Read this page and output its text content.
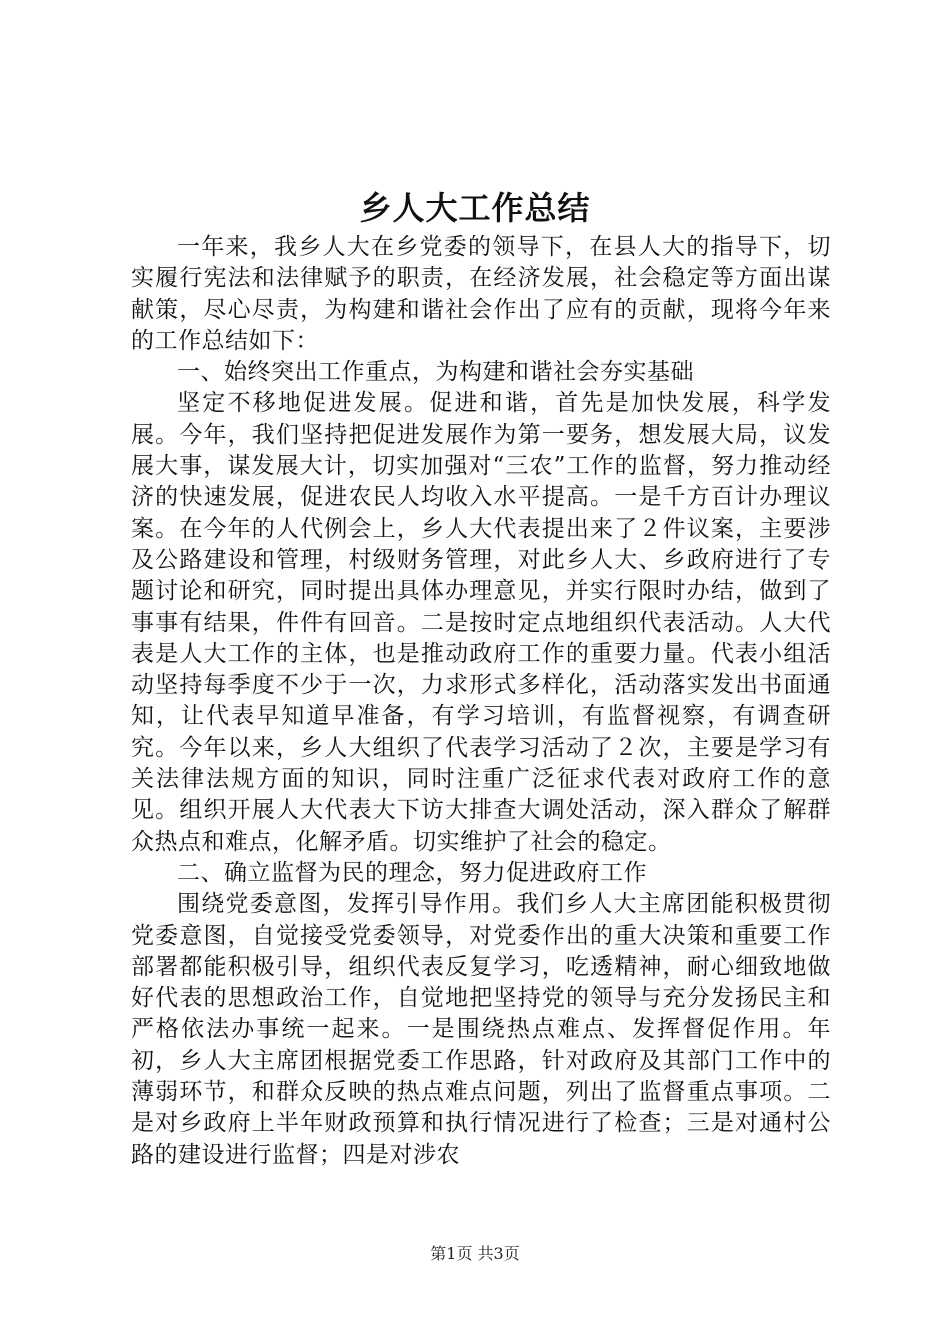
乡人大工作总结

一年来，我乡人大在乡党委的领导下，在县人大的指导下，切实履行宪法和法律赋予的职责，在经济发展，社会稳定等方面出谋献策，尽心尽责，为构建和谐社会作出了应有的贡献，现将今年来的工作总结如下：

一、始终突出工作重点，为构建和谐社会夯实基础

坚定不移地促进发展。促进和谐，首先是加快发展，科学发展。今年，我们坚持把促进发展作为第一要务，想发展大局，议发展大事，谋发展大计，切实加强对“三农”工作的监督，努力推动经济的快速发展，促进农民人均收入水平提高。一是千方百计办理议案。在今年的人代例会上，乡人大代表提出来了２件议案，主要涉及公路建设和管理，村级财务管理，对此乡人大、乡政府进行了专题讨论和研究，同时提出具体办理意见，并实行限时办结，做到了事事有结果，件件有回音。二是按时定点地组织代表活动。人大代表是人大工作的主体，也是推动政府工作的重要力量。代表小组活动坚持每季度不少于一次，力求形式多样化，活动落实发出书面通知，让代表早知道早准备，有学习培训，有监督视察，有调查研究。今年以来，乡人大组织了代表学习活动了２次，主要是学习有关法律法规方面的知识，同时注重广泛征求代表对政府工作的意见。组织开展人大代表大下访大排查大调处活动，深入群众了解群众热点和难点，化解矛盾。切实维护了社会的稳定。

二、确立监督为民的理念，努力促进政府工作

围绕党委意图，发挥引导作用。我们乡人大主席团能积极贯彻党委意图，自觉接受党委领导，对党委作出的重大决策和重要工作部署都能积极引导，组织代表反复学习，吃透精神，耐心细致地做好代表的思想政治工作，自觉地把坚持党的领导与充分发扬民主和严格依法办事统一起来。一是围绕热点难点、发挥督促作用。年初，乡人大主席团根据党委工作思路，针对政府及其部门工作中的薄弱环节，和群众反映的热点难点问题，列出了监督重点事项。二是对乡政府上半年财政预算和执行情况进行了检查；三是对通村公路的建设进行监督；四是对涉农

第1页 共3页
